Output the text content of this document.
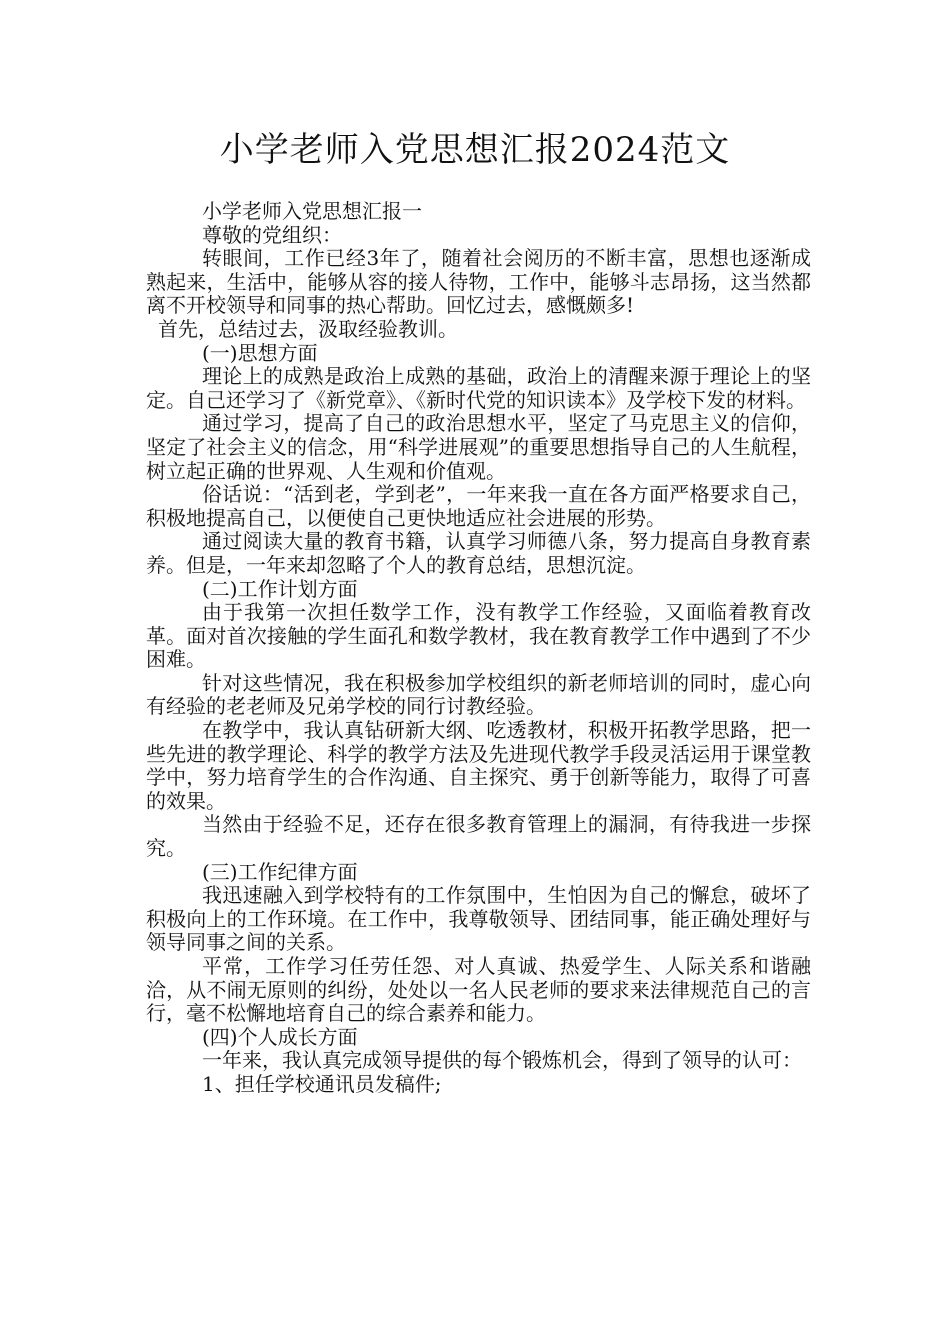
小学老师入党思想汇报2024范文

小学老师入党思想汇报一

尊敬的党组织：

转眼间，工作已经3年了，随着社会阅历的不断丰富，思想也逐渐成熟起来，生活中，能够从容的接人待物，工作中，能够斗志昂扬，这当然都离不开校领导和同事的热心帮助。回忆过去，感慨颇多!

首先，总结过去，汲取经验教训。

(一)思想方面

理论上的成熟是政治上成熟的基础，政治上的清醒来源于理论上的坚定。自己还学习了《新党章》、《新时代党的知识读本》及学校下发的材料。

通过学习，提高了自己的政治思想水平，坚定了马克思主义的信仰，坚定了社会主义的信念，用“科学进展观”的重要思想指导自己的人生航程，树立起正确的世界观、人生观和价值观。

俗话说：“活到老，学到老”，一年来我一直在各方面严格要求自己，积极地提高自己，以便使自己更快地适应社会进展的形势。

通过阅读大量的教育书籍，认真学习师德八条，努力提高自身教育素养。但是，一年来却忽略了个人的教育总结，思想沉淀。

(二)工作计划方面

由于我第一次担任数学工作，没有教学工作经验，又面临着教育改革。面对首次接触的学生面孔和数学教材，我在教育教学工作中遇到了不少困难。

针对这些情况，我在积极参加学校组织的新老师培训的同时，虚心向有经验的老老师及兄弟学校的同行讨教经验。

在教学中，我认真钻研新大纲、吃透教材，积极开拓教学思路，把一些先进的教学理论、科学的教学方法及先进现代教学手段灵活运用于课堂教学中，努力培育学生的合作沟通、自主探究、勇于创新等能力，取得了可喜的效果。

当然由于经验不足，还存在很多教育管理上的漏洞，有待我进一步探究。

(三)工作纪律方面

我迅速融入到学校特有的工作氛围中，生怕因为自己的懈怠，破坏了积极向上的工作环境。在工作中，我尊敬领导、团结同事，能正确处理好与领导同事之间的关系。

平常，工作学习任劳任怨、对人真诚、热爱学生、人际关系和谐融洽，从不闹无原则的纠纷，处处以一名人民老师的要求来法律规范自己的言行，毫不松懈地培育自己的综合素养和能力。

(四)个人成长方面

一年来，我认真完成领导提供的每个锻炼机会，得到了领导的认可：

1、担任学校通讯员发稿件;
